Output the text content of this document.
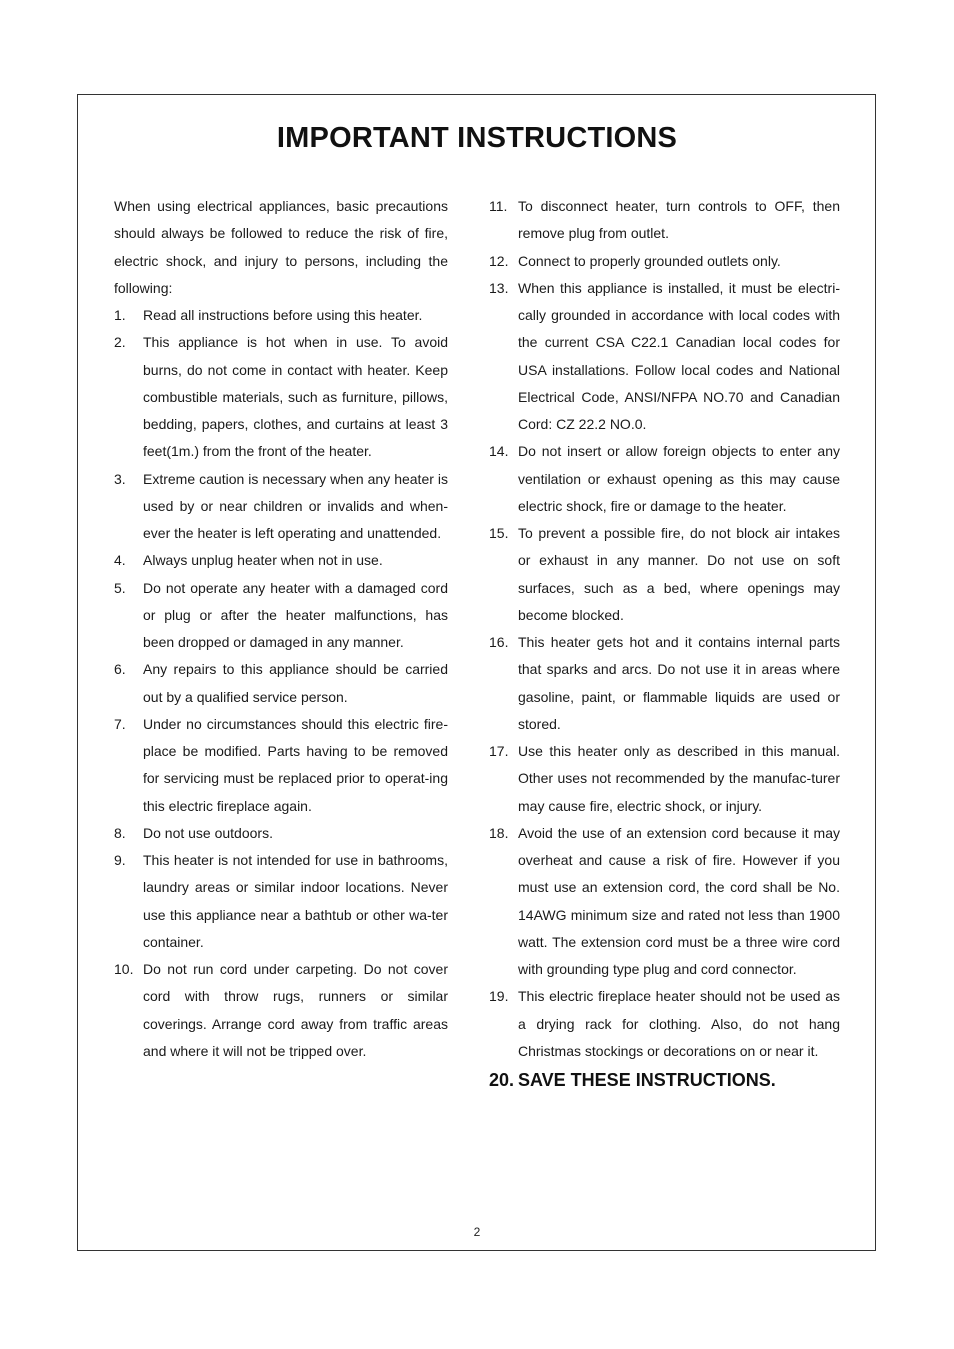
IMPORTANT INSTRUCTIONS

When using electrical appliances, basic precautions should always be followed to reduce the risk of fire, electric shock, and injury to persons, including the following:

1.	Read all instructions before using this heater.
2.	This appliance is hot when in use. To avoid burns, do not come in contact with heater. Keep combustible materials, such as furniture, pillows, bedding, papers, clothes, and curtains at least 3 feet(1m.) from the front of the heater.
3.	Extreme caution is necessary when any heater is used by or near children or invalids and when-ever the heater is left operating and unattended.
4.	Always unplug heater when not in use.
5.	Do not operate any heater with a damaged cord or plug or after the heater malfunctions, has been dropped or damaged in any manner.
6.	Any repairs to this appliance should be carried out by a qualified service person.
7.	Under no circumstances should this electric fire-place be modified. Parts having to be removed for servicing must be replaced prior to operat-ing this electric fireplace again.
8.	Do not use outdoors.
9.	This heater is not intended for use in bathrooms, laundry areas or similar indoor locations. Never use this appliance near a bathtub or other wa-ter container.
10. Do not run cord under carpeting. Do not cover cord with throw rugs, runners or similar coverings. Arrange cord away from traffic areas and where it will not be tripped over.
11. To disconnect heater, turn controls to OFF, then remove plug from outlet.
12. Connect to properly grounded outlets only.
13. When this appliance is installed, it must be electri-cally grounded in accordance with local codes with the current CSA C22.1 Canadian local codes for USA installations. Follow local codes and National Electrical Code, ANSI/NFPA NO.70 and Canadian Cord: CZ 22.2 NO.0.
14. Do not insert or allow foreign objects to enter any ventilation or exhaust opening as this may cause electric shock, fire or damage to the heater.
15. To prevent a possible fire, do not block air intakes or exhaust in any manner. Do not use on soft surfaces, such as a bed, where openings may become blocked.
16. This heater gets hot and it contains internal parts that sparks and arcs. Do not use it in areas where gasoline, paint, or flammable liquids are used or stored.
17. Use this heater only as described in this manual. Other uses not recommended by the manufac-turer may cause fire, electric shock, or injury.
18. Avoid the use of an extension cord because it may overheat and cause a risk of fire. However if you must use an extension cord, the cord shall be No. 14AWG minimum size and rated not less than 1900 watt. The extension cord must be a three wire cord with grounding type plug and cord connector.
19. This electric fireplace heater should not be used as a drying rack for clothing. Also, do not hang Christmas stockings or decorations on or near it.
20. SAVE THESE INSTRUCTIONS.
2
